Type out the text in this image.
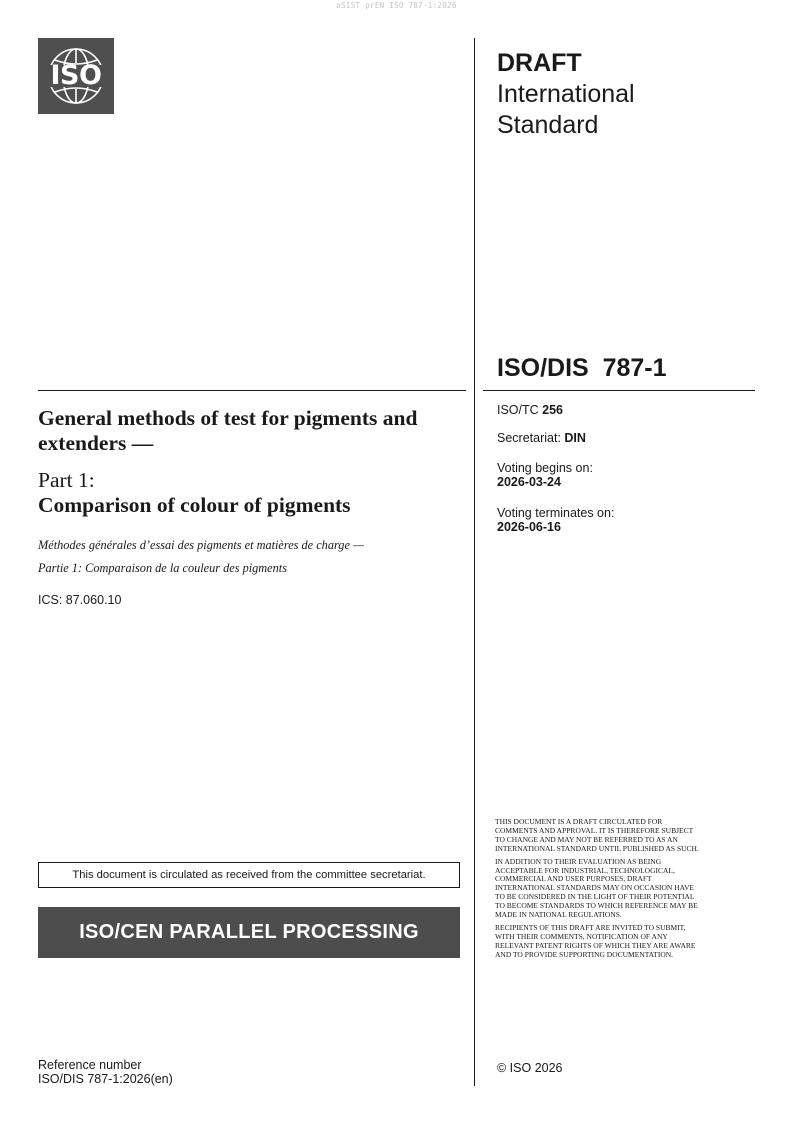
oSIST prEN ISO 787-1:2026
ISO	DRAFT
International
Standard
ISO/DIS  787-1
General methods of test for pigments and extenders —
Part 1:
Comparison of colour of pigments
Méthodes générales d’essai des pigments et matières de charge —
Partie 1: Comparaison de la couleur des pigments
ICS: 87.060.10
ISO/TC 256
Secretariat: DIN
Voting begins on:
2026-03-24
Voting terminates on:
2026-06-16
This document is circulated as received from the committee secretariat.
ISO/CEN PARALLEL PROCESSING

THIS DOCUMENT IS A DRAFT CIRCULATED FOR COMMENTS AND APPROVAL. IT IS THEREFORE SUBJECT TO CHANGE AND MAY NOT BE REFERRED TO AS AN INTERNATIONAL STANDARD UNTIL PUBLISHED AS SUCH.

IN ADDITION TO THEIR EVALUATION AS BEING ACCEPTABLE FOR INDUSTRIAL, TECHNOLOGICAL, COMMERCIAL AND USER PURPOSES, DRAFT INTERNATIONAL STANDARDS MAY ON OCCASION HAVE TO BE CONSIDERED IN THE LIGHT OF THEIR POTENTIAL TO BECOME STANDARDS TO WHICH REFERENCE MAY BE MADE IN NATIONAL REGULATIONS.

RECIPIENTS OF THIS DRAFT ARE INVITED TO SUBMIT, WITH THEIR COMMENTS, NOTIFICATION OF ANY RELEVANT PATENT RIGHTS OF WHICH THEY ARE AWARE AND TO PROVIDE SUPPORTING DOCUMENTATION.

© ISO 2026
Reference number
ISO/DIS 787-1:2026(en)
